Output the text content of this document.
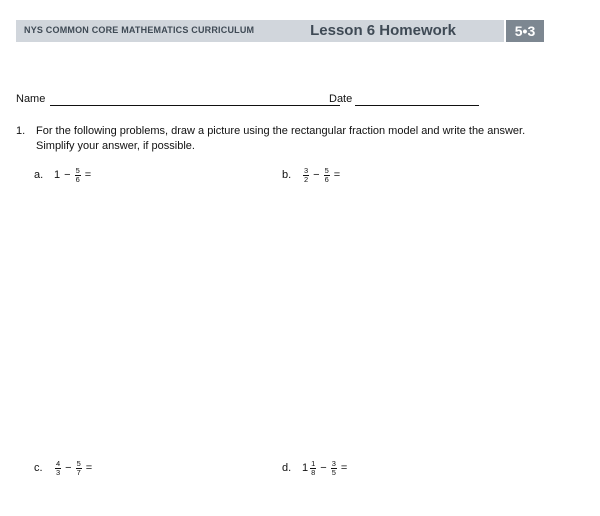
NYS COMMON CORE MATHEMATICS CURRICULUM	Lesson 6 Homework	5•3
Name	Date
1. For the following problems, draw a picture using the rectangular fraction model and write the answer. Simplify your answer, if possible.
a. $1 - \frac{5}{6}$ =	b. $\frac{3}{2} - \frac{5}{6}$ =
c. $\frac{4}{3} - \frac{5}{7}$ =	d. $1 \frac{1}{8} - \frac{3}{5}$ =
